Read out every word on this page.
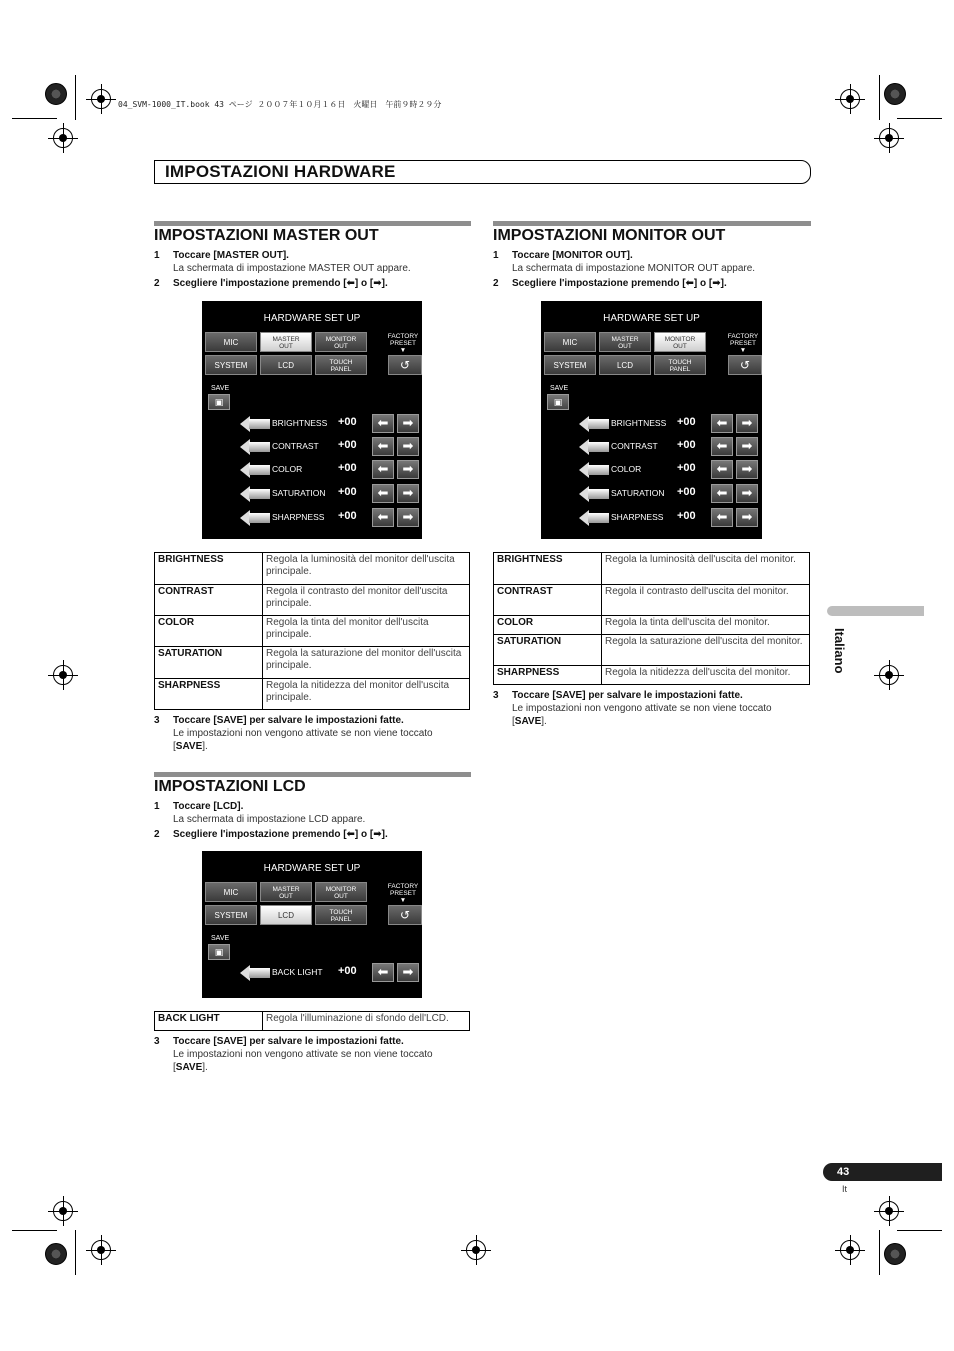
04_SVM-1000_IT.book 43 ページ ２００７年１０月１６日　火曜日　午前９時２９分
IMPOSTAZIONI HARDWARE
IMPOSTAZIONI MASTER OUT
1 Toccare [MASTER OUT].
La schermata di impostazione MASTER OUT appare.
2 Scegliere l'impostazione premendo [⬅] o [➡].
HARDWARE SET UP
MIC	MASTER
OUT
MONITOR
OUT
FACTORY
PRESET
▼
SYSTEM	LCD	TOUCH
PANEL	↺
SAVE
▣
BRIGHTNESS +00	⬅	➡
CONTRAST +00	⬅	➡
COLOR	+00	⬅	➡
SATURATION +00	⬅	➡
SHARPNESS +00	⬅	➡
BRIGHTNESS	Regola la luminosità del monitor dell'uscita principale.
CONTRAST	Regola il contrasto del monitor dell'uscita principale.
COLOR	Regola la tinta del monitor dell'uscita principale.
SATURATION	Regola la saturazione del monitor dell'uscita principale.
SHARPNESS	Regola la nitidezza del monitor dell'uscita principale.
3 Toccare [SAVE] per salvare le impostazioni fatte.
Le impostazioni non vengono attivate se non viene toccato
[SAVE].
IMPOSTAZIONI LCD
1 Toccare [LCD].
La schermata di impostazione LCD appare.
2 Scegliere l'impostazione premendo [⬅] o [➡].
HARDWARE SET UP
MIC	MASTER
OUT
MONITOR
OUT
FACTORY
PRESET
▼
SYSTEM	LCD	TOUCH
PANEL	↺
SAVE
▣
BACK LIGHT +00	⬅	➡
BACK LIGHT	Regola l'illuminazione di sfondo dell'LCD.
3 Toccare [SAVE] per salvare le impostazioni fatte.
Le impostazioni non vengono attivate se non viene toccato
[SAVE].
IMPOSTAZIONI MONITOR OUT
1 Toccare [MONITOR OUT].
La schermata di impostazione MONITOR OUT appare.
2 Scegliere l'impostazione premendo [⬅] o [➡].
HARDWARE SET UP
MIC	MASTER
OUT
MONITOR
OUT
FACTORY
PRESET
▼
SYSTEM	LCD	TOUCH
PANEL	↺
SAVE
▣
BRIGHTNESS +00	⬅	➡
CONTRAST +00	⬅	➡
COLOR	+00	⬅	➡
SATURATION +00	⬅	➡
SHARPNESS +00	⬅	➡
BRIGHTNESS	Regola la luminosità dell'uscita del monitor.
CONTRAST	Regola il contrasto dell'uscita del monitor.
COLOR	Regola la tinta dell'uscita del monitor.
SATURATION	Regola la saturazione dell'uscita del monitor.
SHARPNESS	Regola la nitidezza dell'uscita del monitor.
3 Toccare [SAVE] per salvare le impostazioni fatte.
Le impostazioni non vengono attivate se non viene toccato
[SAVE].
Italiano
43
It
